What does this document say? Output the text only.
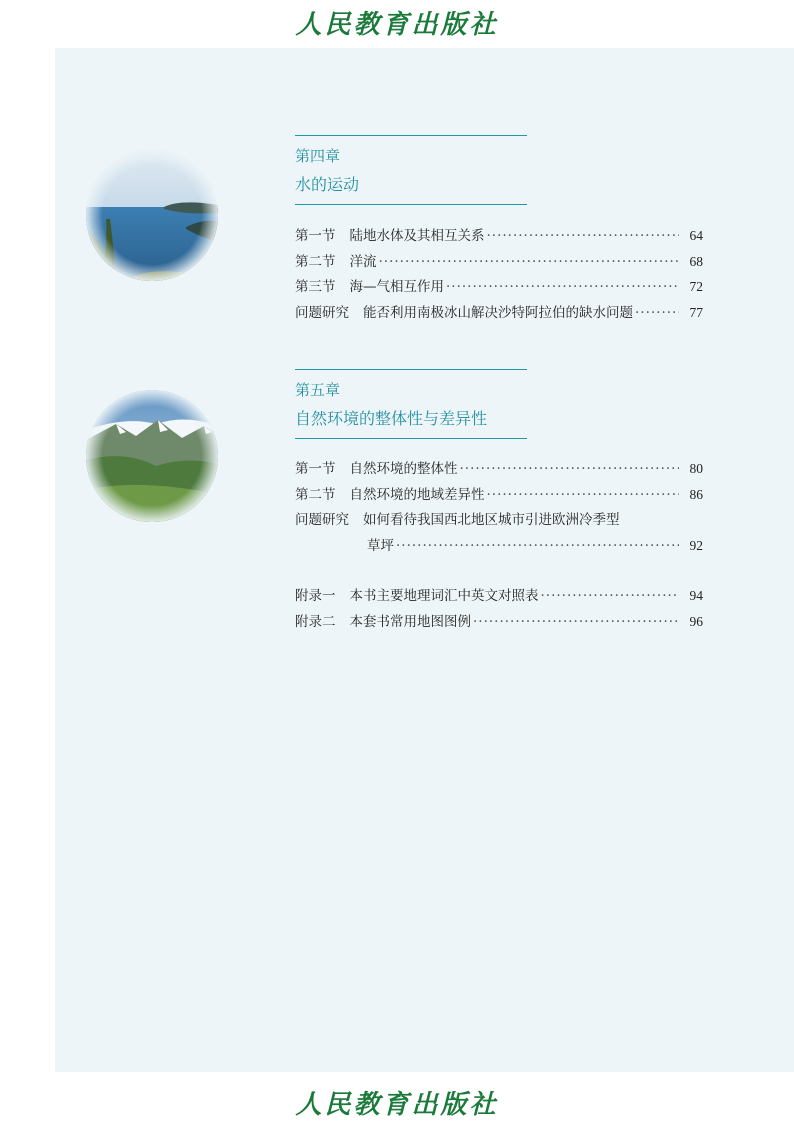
人民教育出版社
第四章
水的运动
第一节 陆地水体及其相互关系 ·····	64
第二节 洋流 ·····	68
第三节 海—气相互作用 ·····	72
问题研究 能否利用南极冰山解决沙特阿拉伯的缺水问题 ·····	77
第五章
自然环境的整体性与差异性
第一节 自然环境的整体性 ·····	80
第二节 自然环境的地域差异性 ·····	86
问题研究 如何看待我国西北地区城市引进欧洲冷季型
草坪 ·····	92
附录一 本书主要地理词汇中英文对照表 ·····	94
附录二 本套书常用地图图例 ·····	96
人民教育出版社
